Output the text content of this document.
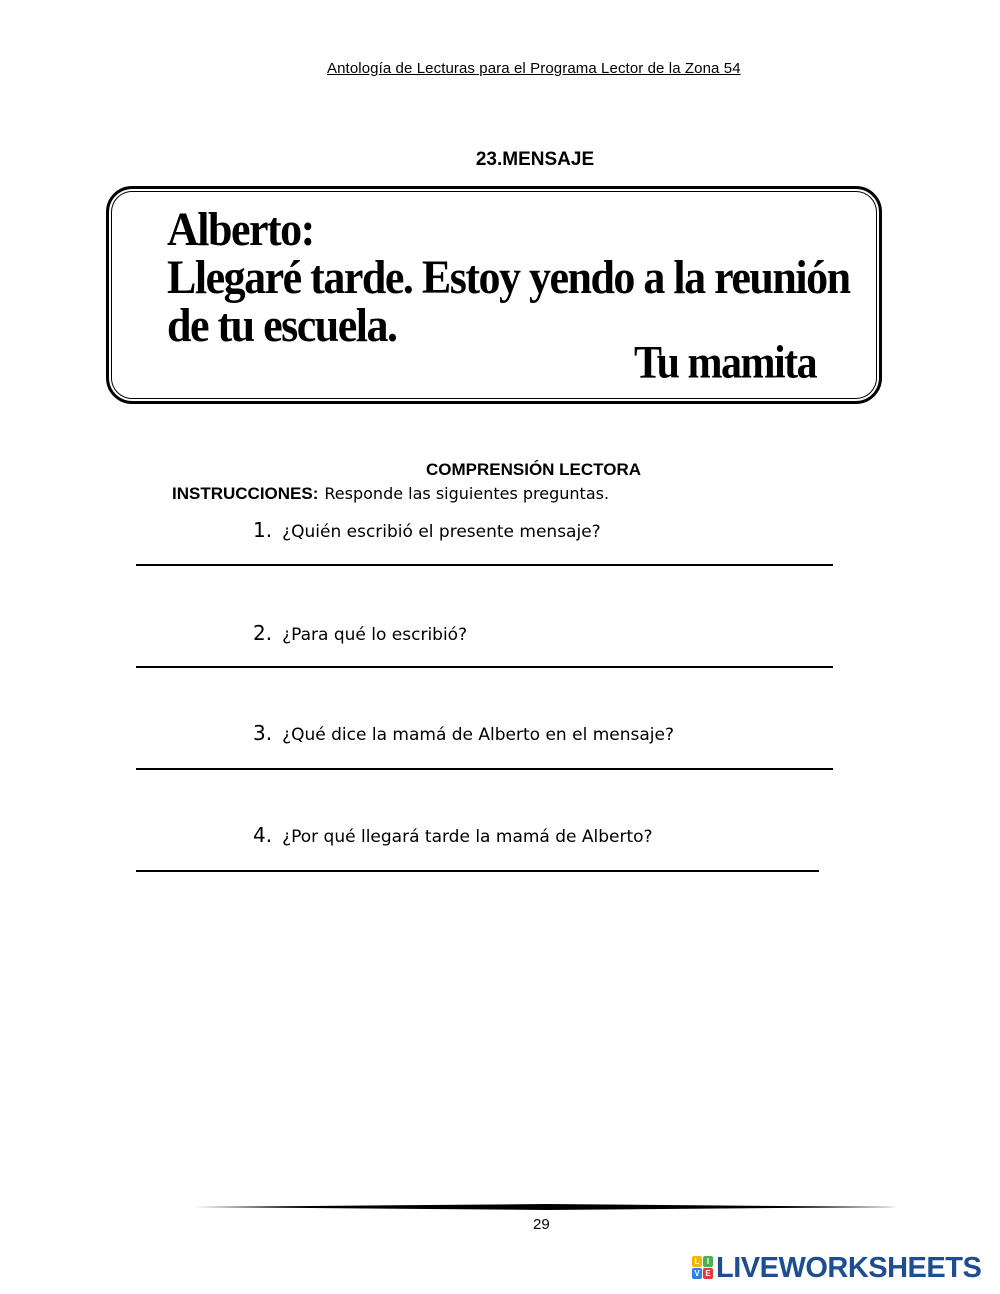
Antología de Lecturas para el Programa Lector de la Zona 54
23.MENSAJE
Alberto:
Llegaré tarde. Estoy yendo a la reunión
de tu escuela.
Tu mamita
COMPRENSIÓN LECTORA
INSTRUCCIONES: Responde las siguientes preguntas.
1. ¿Quién escribió el presente mensaje?
2. ¿Para qué lo escribió?
3. ¿Qué dice la mamá de Alberto en el mensaje?
4. ¿Por qué llegará tarde la mamá de Alberto?
29
L I
V E LIVEWORKSHEETS
